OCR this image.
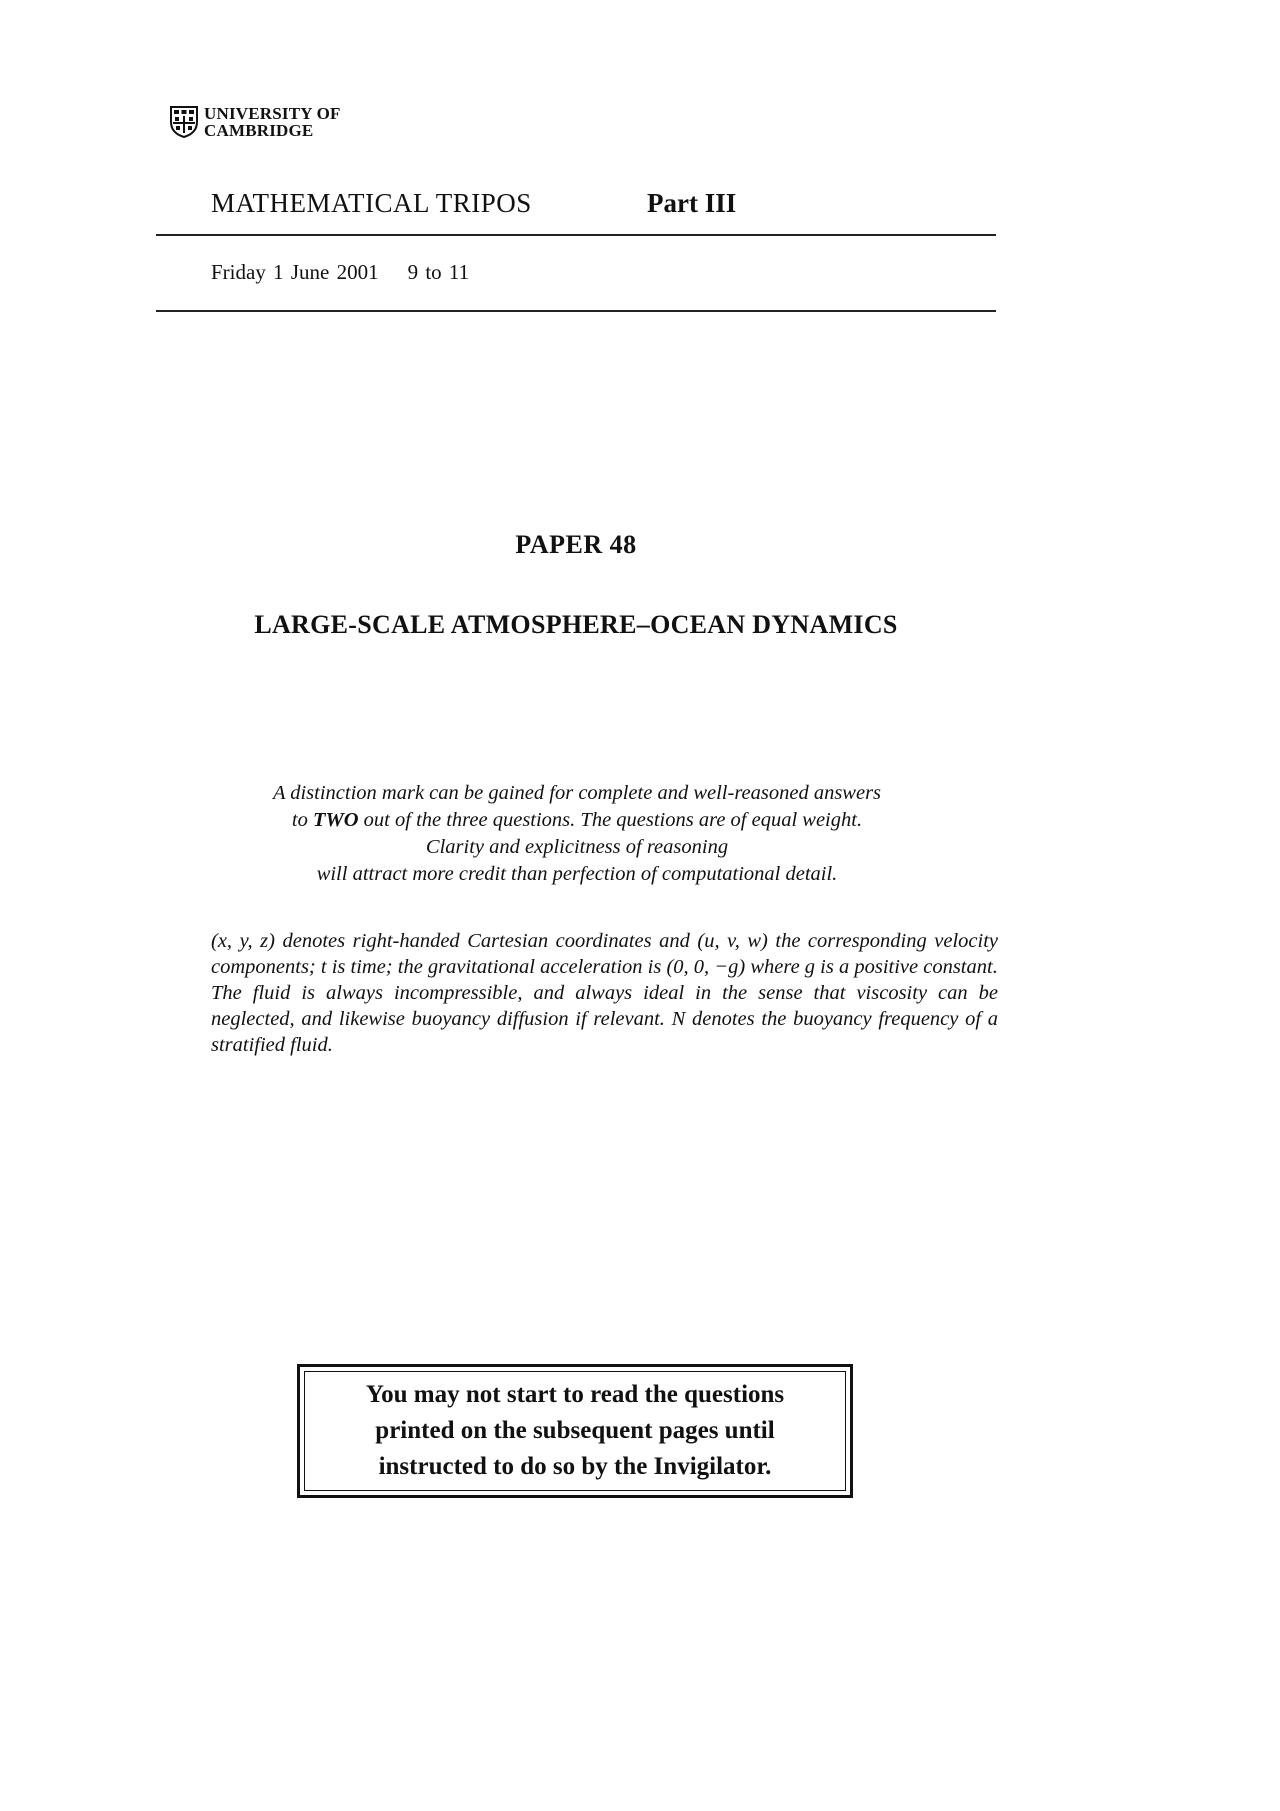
UNIVERSITY OF
CAMBRIDGE
MATHEMATICAL TRIPOS	Part III
Friday 1 June 2001    9 to 11
PAPER 48
LARGE-SCALE ATMOSPHERE–OCEAN DYNAMICS
A distinction mark can be gained for complete and well-reasoned answers
to TWO out of the three questions. The questions are of equal weight.
Clarity and explicitness of reasoning
will attract more credit than perfection of computational detail.

(x, y, z) denotes right-handed Cartesian coordinates and (u, v, w) the corresponding velocity components; t is time; the gravitational acceleration is (0, 0, −g) where g is a positive constant.

The fluid is always incompressible, and always ideal in the sense that viscosity can be neglected, and likewise buoyancy diffusion if relevant. N denotes the buoyancy frequency of a stratified fluid.

You may not start to read the questions
printed on the subsequent pages until
instructed to do so by the Invigilator.
